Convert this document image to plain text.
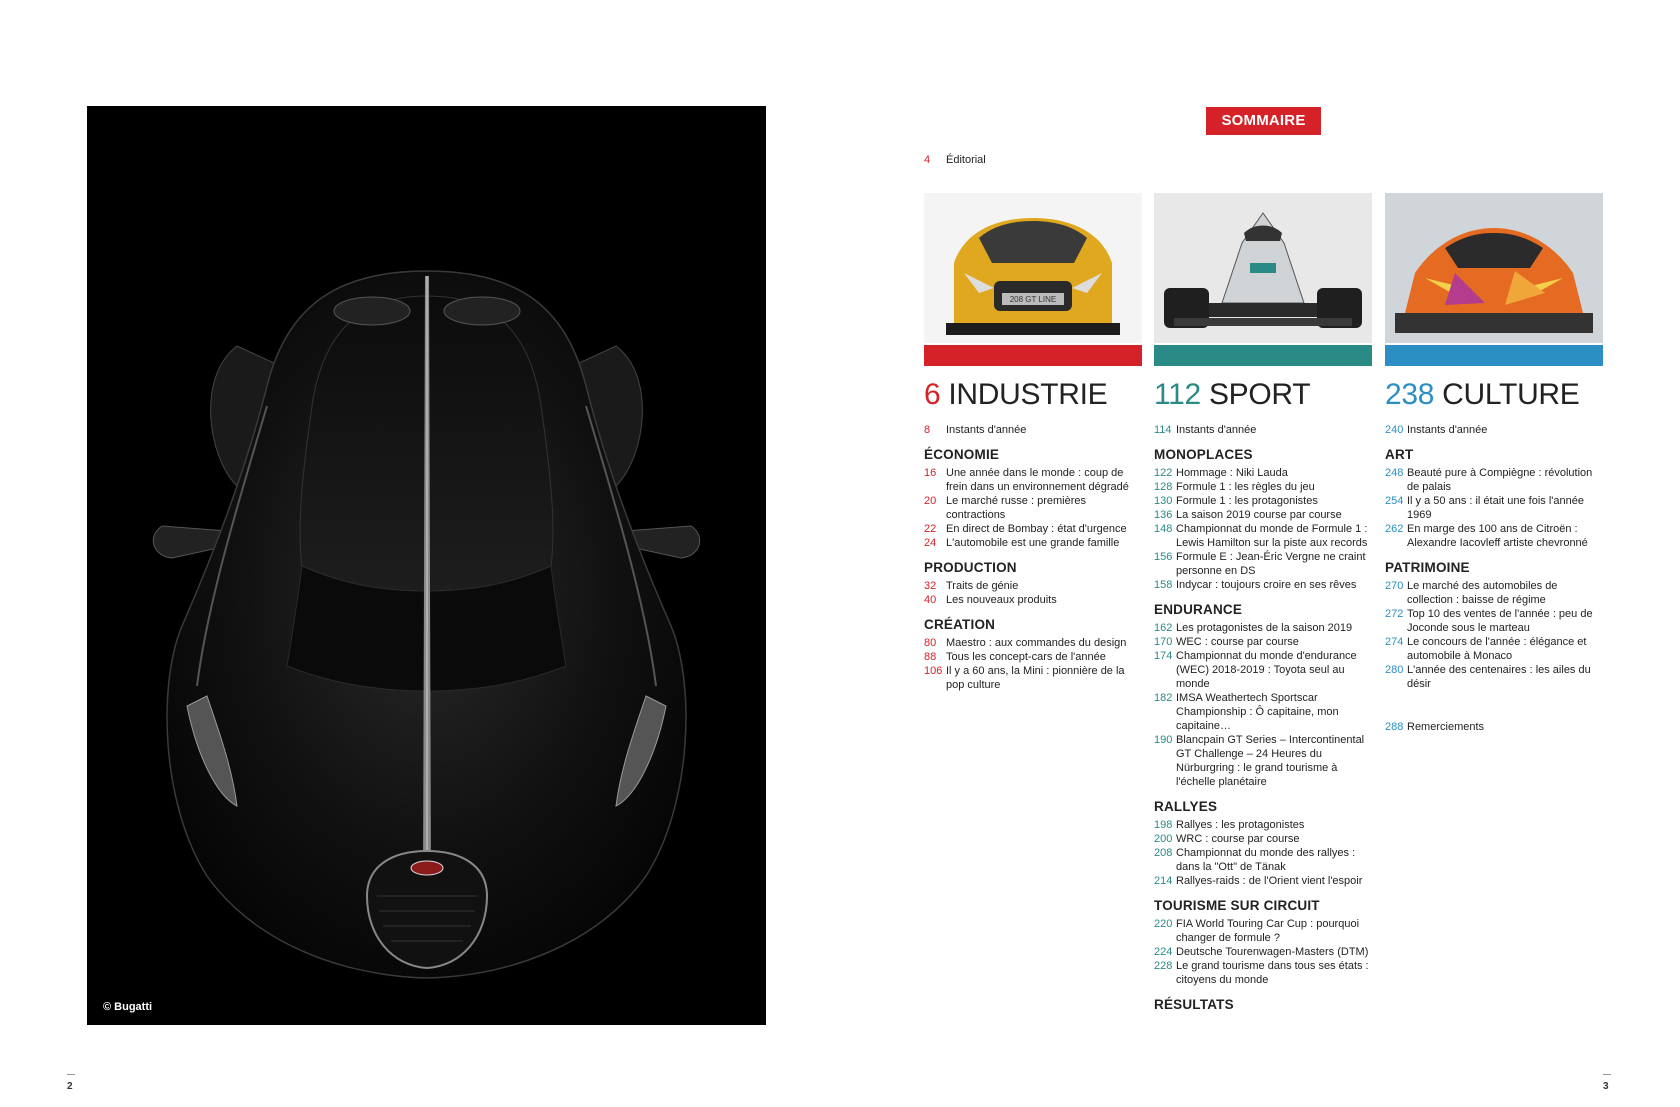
© Bugatti
2	3
SOMMAIRE
4 Éditorial
208 GT LINE
6 INDUSTRIE
8	Instants d'année
ÉCONOMIE
16 Une année dans le monde : coup de frein dans un environnement dégradé
20 Le marché russe : premières contractions
22 En direct de Bombay : état d'urgence
24 L'automobile est une grande famille
PRODUCTION
32 Traits de génie
40 Les nouveaux produits
CRÉATION
80 Maestro : aux commandes du design
88 Tous les concept-cars de l'année
106 Il y a 60 ans, la Mini : pionnière de la pop culture
112 SPORT
114 Instants d'année
MONOPLACES
122 Hommage : Niki Lauda
128 Formule 1 : les règles du jeu
130 Formule 1 : les protagonistes
136 La saison 2019 course par course
148 Championnat du monde de Formule 1 : Lewis Hamilton sur la piste aux records
156 Formule E : Jean-Éric Vergne ne craint personne en DS
158 Indycar : toujours croire en ses rêves
ENDURANCE
162 Les protagonistes de la saison 2019
170 WEC : course par course
174 Championnat du monde d'endurance (WEC) 2018-2019 : Toyota seul au monde
182 IMSA Weathertech Sportscar Championship : Ô capitaine, mon capitaine…
190 Blancpain GT Series – Intercontinental GT Challenge – 24 Heures du Nürburgring : le grand tourisme à l'échelle planétaire
RALLYES
198 Rallyes : les protagonistes
200 WRC : course par course
208 Championnat du monde des rallyes : dans la "Ott" de Tänak
214 Rallyes-raids : de l'Orient vient l'espoir
TOURISME SUR CIRCUIT
220 FIA World Touring Car Cup : pourquoi changer de formule ?
224 Deutsche Tourenwagen-Masters (DTM)
228 Le grand tourisme dans tous ses états : citoyens du monde
RÉSULTATS
238 CULTURE
240 Instants d'année
ART
248 Beauté pure à Compiègne : révolution de palais
254 Il y a 50 ans : il était une fois l'année 1969
262 En marge des 100 ans de Citroën : Alexandre Iacovleff artiste chevronné
PATRIMOINE
270 Le marché des automobiles de collection : baisse de régime
272 Top 10 des ventes de l'année : peu de Joconde sous le marteau
274 Le concours de l'année : élégance et automobile à Monaco
280 L'année des centenaires : les ailes du désir
288 Remerciements
